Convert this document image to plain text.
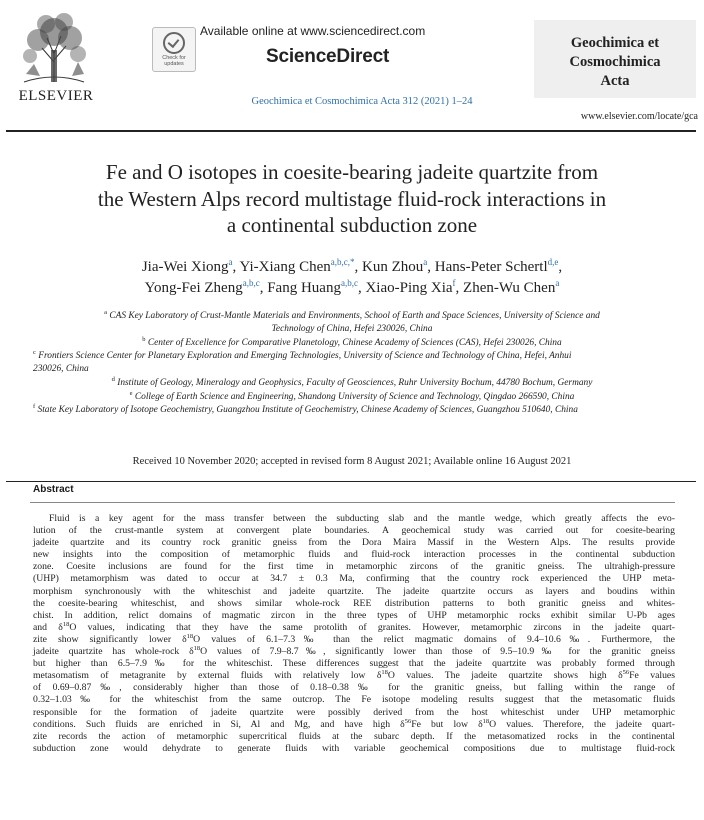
ELSEVIER
Check for
updates
Available online at www.sciencedirect.com
ScienceDirect
Geochimica et Cosmochimica Acta 312 (2021) 1–24
Geochimica et
Cosmochimica
Acta
www.elsevier.com/locate/gca
Fe and O isotopes in coesite-bearing jadeite quartzite from
the Western Alps record multistage fluid-rock interactions in
a continental subduction zone
Jia-Wei Xiong$^a$, Yi-Xiang Chen$^{a,b,c,*}$, Kun Zhou$^a$, Hans-Peter Schertl$^{d,e}$,
Yong-Fei Zheng$^{a,b,c}$, Fang Huang$^{a,b,c}$, Xiao-Ping Xia$^f$, Zhen-Wu Chen$^a$
$^a$ CAS Key Laboratory of Crust-Mantle Materials and Environments, School of Earth and Space Sciences, University of Science and
Technology of China, Hefei 230026, China
$^b$ Center of Excellence for Comparative Planetology, Chinese Academy of Sciences (CAS), Hefei 230026, China
$^c$ Frontiers Science Center for Planetary Exploration and Emerging Technologies, University of Science and Technology of China, Hefei, Anhui
230026, China
$^d$ Institute of Geology, Mineralogy and Geophysics, Faculty of Geosciences, Ruhr University Bochum, 44780 Bochum, Germany
$^e$ College of Earth Science and Engineering, Shandong University of Science and Technology, Qingdao 266590, China
$^f$ State Key Laboratory of Isotope Geochemistry, Guangzhou Institute of Geochemistry, Chinese Academy of Sciences, Guangzhou 510640, China
Received 10 November 2020; accepted in revised form 8 August 2021; Available online 16 August 2021
Abstract
Fluid is a key agent for the mass transfer between the subducting slab and the mantle wedge, which greatly affects the evo-
lution of the crust-mantle system at convergent plate boundaries. A geochemical study was carried out for coesite-bearing
jadeite quartzite and its country rock granitic gneiss from the Dora Maira Massif in the Western Alps. The results provide
new insights into the composition of metamorphic fluids and fluid-rock interaction processes in the continental subduction
zone. Coesite inclusions are found for the first time in metamorphic zircons of the granitic gneiss. The ultrahigh-pressure
(UHP) metamorphism was dated to occur at 34.7 ± 0.3 Ma, confirming that the country rock experienced the UHP meta-
morphism synchronously with the whiteschist and jadeite quartzite. The jadeite quartzite occurs as layers and boudins within
the coesite-bearing whiteschist, and shows similar whole-rock REE distribution patterns to both granitic gneiss and whites-
chist. In addition, relict domains of magmatic zircon in the three types of UHP metamorphic rocks exhibit similar U-Pb ages
and $\delta^{18}O$ values, indicating that they have the same protolith of granites. However, metamorphic zircons in the jadeite quart-
zite show significantly lower $\delta^{18}O$ values of 6.1–7.3‰ than the relict magmatic domains of 9.4–10.6‰. Furthermore, the
jadeite quartzite has whole-rock $\delta^{18}O$ values of 7.9–8.7‰, significantly lower than those of 9.5–10.9‰ for the granitic gneiss
but higher than 6.5–7.9‰ for the whiteschist. These differences suggest that the jadeite quartzite was probably formed through
metasomatism of metagranite by external fluids with relatively low $\delta^{18}O$ values. The jadeite quartzite shows high $\delta^{56}Fe$ values
of 0.69–0.87‰, considerably higher than those of 0.18–0.38‰ for the granitic gneiss, but falling within the range of
0.32–1.03‰ for the whiteschist from the same outcrop. The Fe isotope modeling results suggest that the metasomatic fluids
responsible for the formation of jadeite quartzite were possibly derived from the host whiteschist under UHP metamorphic
conditions. Such fluids are enriched in Si, Al and Mg, and have high $\delta^{56}Fe$ but low $\delta^{18}O$ values. Therefore, the jadeite quart-
zite records the action of metamorphic supercritical fluids at the subarc depth. If the metasomatized rocks in the continental
subduction zone would dehydrate to generate fluids with variable geochemical compositions due to multistage fluid-rock
